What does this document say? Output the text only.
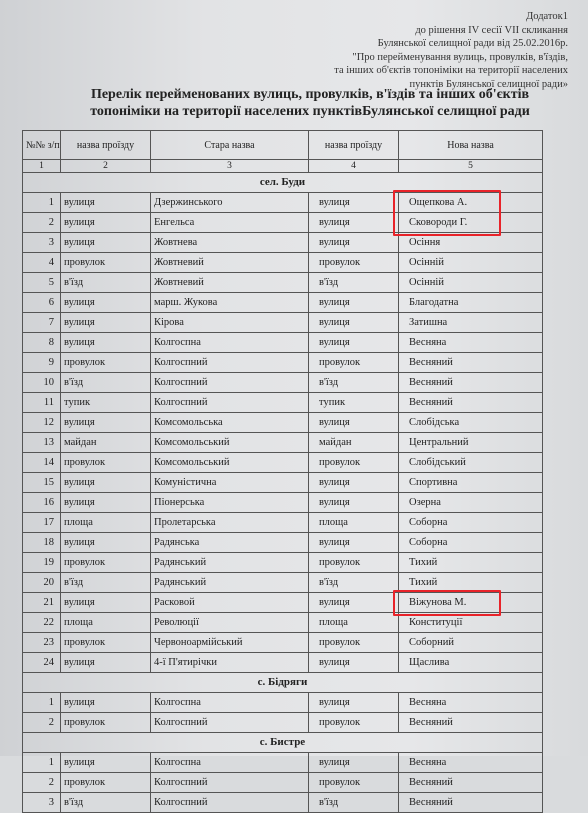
Додаток1
до рішення IV сесії VII скликання
Булянської селищної ради від 25.02.2016р.
"Про перейменування вулиць, провулків, в'їздів,
та інших об'єктів топоніміки на території населених
пунктів Булянської селищної ради»
Перелік перейменованих вулиць, провулків, в'їздів та інших об'єктів
топоніміки на території населених пунктівБулянської селищної ради
№№ з/п	назва проїзду	Стара назва	назва проїзду	Нова назва
1	2	3	4	5
сел. Буди				
1	вулиця	Дзержинського	вулиця	Ощепкова А.
2	вулиця	Енгельса	вулиця	Сковороди Г.
3	вулиця	Жовтнева	вулиця	Осіння
4	провулок	Жовтневий	провулок	Осінній
5	в'їзд	Жовтневий	в'їзд	Осінній
6	вулиця	марш. Жукова	вулиця	Благодатна
7	вулиця	Кірова	вулиця	Затишна
8	вулиця	Колгоспна	вулиця	Весняна
9	провулок	Колгоспний	провулок	Весняний
10	в'їзд	Колгоспний	в'їзд	Весняний
11	тупик	Колгоспний	тупик	Весняний
12	вулиця	Комсомольська	вулиця	Слобідська
13	майдан	Комсомольський	майдан	Центральний
14	провулок	Комсомольський	провулок	Слобідський
15	вулиця	Комуністична	вулиця	Спортивна
16	вулиця	Піонерська	вулиця	Озерна
17	площа	Пролетарська	площа	Соборна
18	вулиця	Радянська	вулиця	Соборна
19	провулок	Радянський	провулок	Тихий
20	в'їзд	Радянський	в'їзд	Тихий
21	вулиця	Расковой	вулиця	Віжунова М.
22	площа	Революції	площа	Конституції
23	провулок	Червоноармійський	провулок	Соборний
24	вулиця	4-ї П'ятирічки	вулиця	Щаслива
с. Бідряги				
1	вулиця	Колгоспна	вулиця	Весняна
2	провулок	Колгоспний	провулок	Весняний
с. Бистре				
1	вулиця	Колгоспна	вулиця	Весняна
2	провулок	Колгоспний	провулок	Весняний
3	в'їзд	Колгоспний	в'їзд	Весняний
